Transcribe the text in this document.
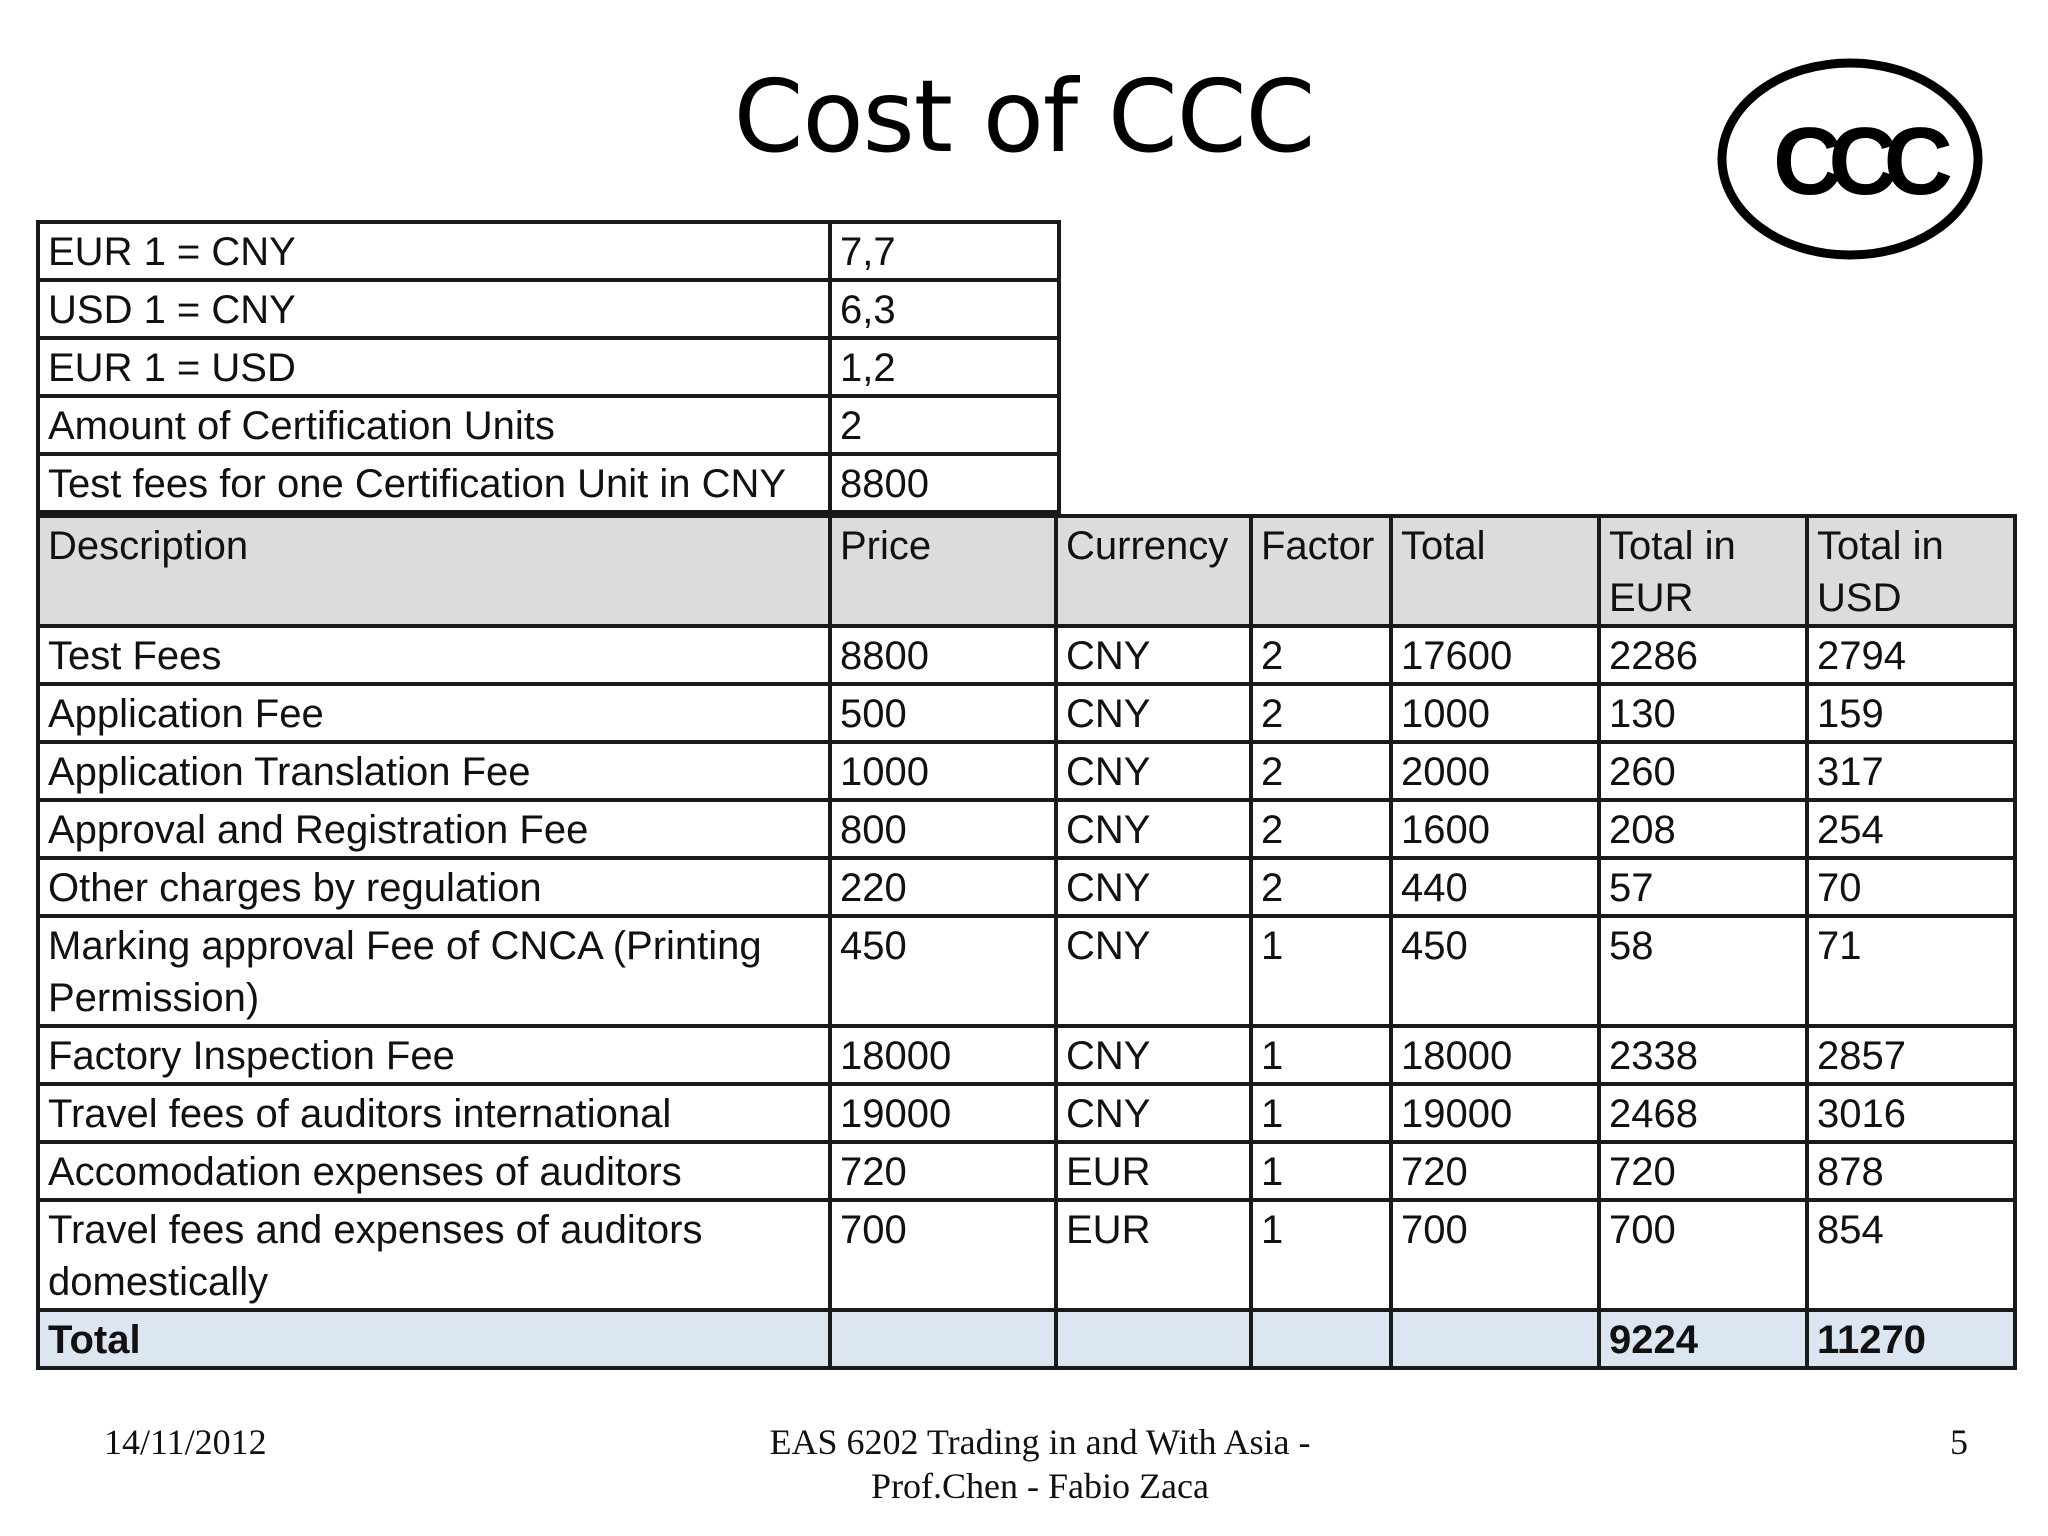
Cost of CCC	CCC
EUR 1 = CNY	7,7
USD 1 = CNY	6,3
EUR 1 = USD	1,2
Amount of Certification Units	2
Test fees for one Certification Unit in CNY	8800
Description	Price	Currency	Factor	Total	Total in EUR	Total in USD
Test Fees	8800	CNY	2	17600	2286	2794
Application Fee	500	CNY	2	1000	130	159
Application Translation Fee	1000	CNY	2	2000	260	317
Approval and Registration Fee	800	CNY	2	1600	208	254
Other charges by regulation	220	CNY	2	440	57	70
Marking approval Fee of CNCA (Printing Permission)	450	CNY	1	450	58	71
Factory Inspection Fee	18000	CNY	1	18000	2338	2857
Travel fees of auditors international	19000	CNY	1	19000	2468	3016
Accomodation expenses of auditors	720	EUR	1	720	720	878
Travel fees and expenses of auditors domestically	700	EUR	1	700	700	854
Total					9224	11270
14/11/2012	EAS 6202 Trading in and With Asia -
Prof.Chen - Fabio Zaca
5
